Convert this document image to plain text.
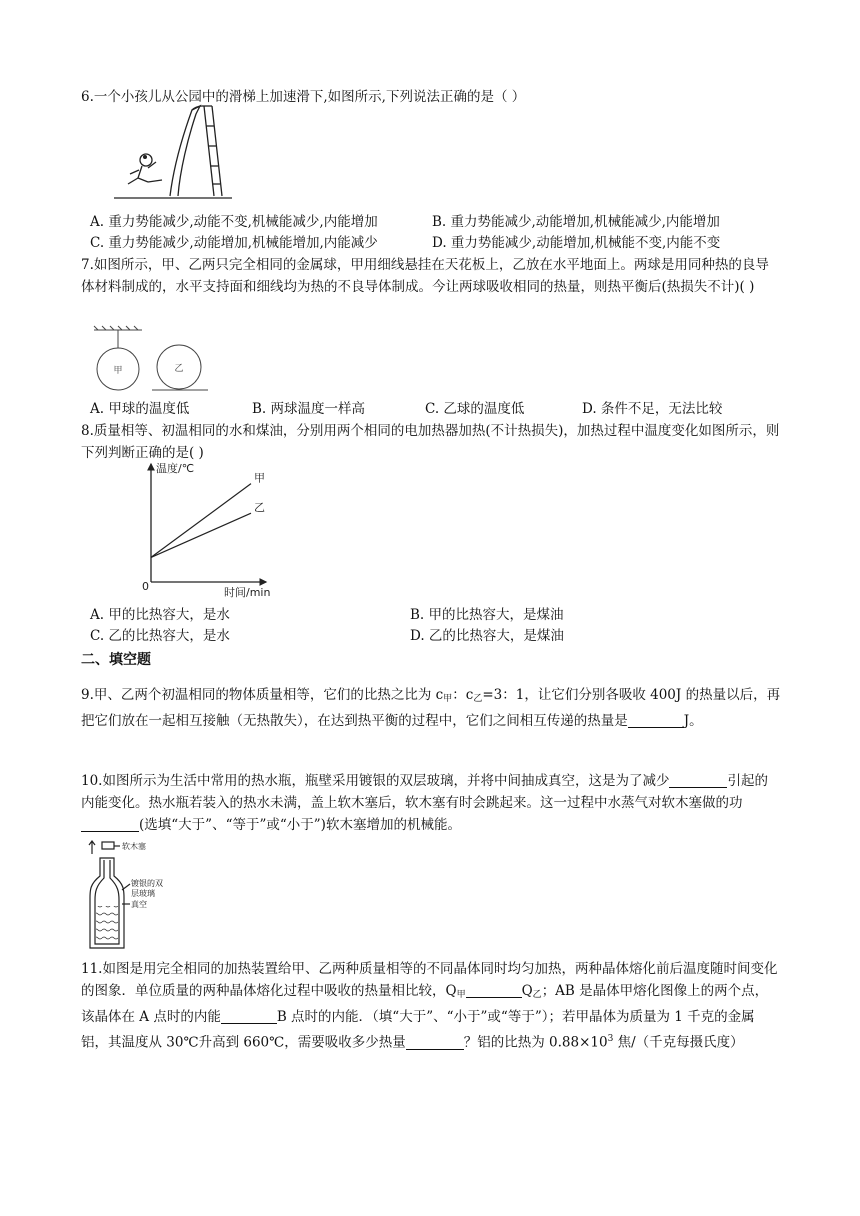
6.一个小孩儿从公园中的滑梯上加速滑下,如图所示,下列说法正确的是（ ）
A. 重力势能减少,动能不变,机械能减少,内能增加	B. 重力势能减少,动能增加,机械能减少,内能增加
C. 重力势能减少,动能增加,机械能增加,内能减少	D. 重力势能减少,动能增加,机械能不变,内能不变
7.如图所示，甲、乙两只完全相同的金属球，甲用细线悬挂在天花板上，乙放在水平地面上。两球是用同种热的良导体材料制成的，水平支持面和细线均为热的不良导体制成。今让两球吸收相同的热量，则热平衡后(热损失不计)( )
甲	乙
A. 甲球的温度低	B. 两球温度一样高	C. 乙球的温度低	D. 条件不足，无法比较
8.质量相等、初温相同的水和煤油，分别用两个相同的电加热器加热(不计热损失)，加热过程中温度变化如图所示，则下列判断正确的是( )
温度/℃
时间/min
0
甲
乙
A. 甲的比热容大，是水	B. 甲的比热容大，是煤油
C. 乙的比热容大，是水	D. 乙的比热容大，是煤油
二、填空题
9.甲、乙两个初温相同的物体质量相等，它们的比热之比为 $c_甲$：$c_乙=3$：1，让它们分别各吸收 400J 的热量以后，再把它们放在一起相互接触（无热散失），在达到热平衡的过程中，它们之间相互传递的热量是	J。
10.如图所示为生活中常用的热水瓶，瓶壁采用镀银的双层玻璃，并将中间抽成真空，这是为了减少	引起的内能变化。热水瓶若装入的热水未满，盖上软木塞后，软木塞有时会跳起来。这一过程中水蒸气对软木塞做的功(选填“大于”、“等于”或“小于”)软木塞增加的机械能。
软木塞
镀银的双
层玻璃
真空
11.如图是用完全相同的加热装置给甲、乙两种质量相等的不同晶体同时均匀加热，两种晶体熔化前后温度随时间变化的图象．单位质量的两种晶体熔化过程中吸收的热量相比较，$Q_甲$	$Q_乙$；AB 是晶体甲熔化图像上的两个点，该晶体在 A 点时的内能	B 点时的内能．（填“大于”、“小于”或“等于”）；若甲晶体为质量为 1 千克的金属铝，其温度从 30℃升高到 660℃，需要吸收多少热量	？铝的比热为 $0.88\times 10^3$ 焦/（千克每摄氏度）
